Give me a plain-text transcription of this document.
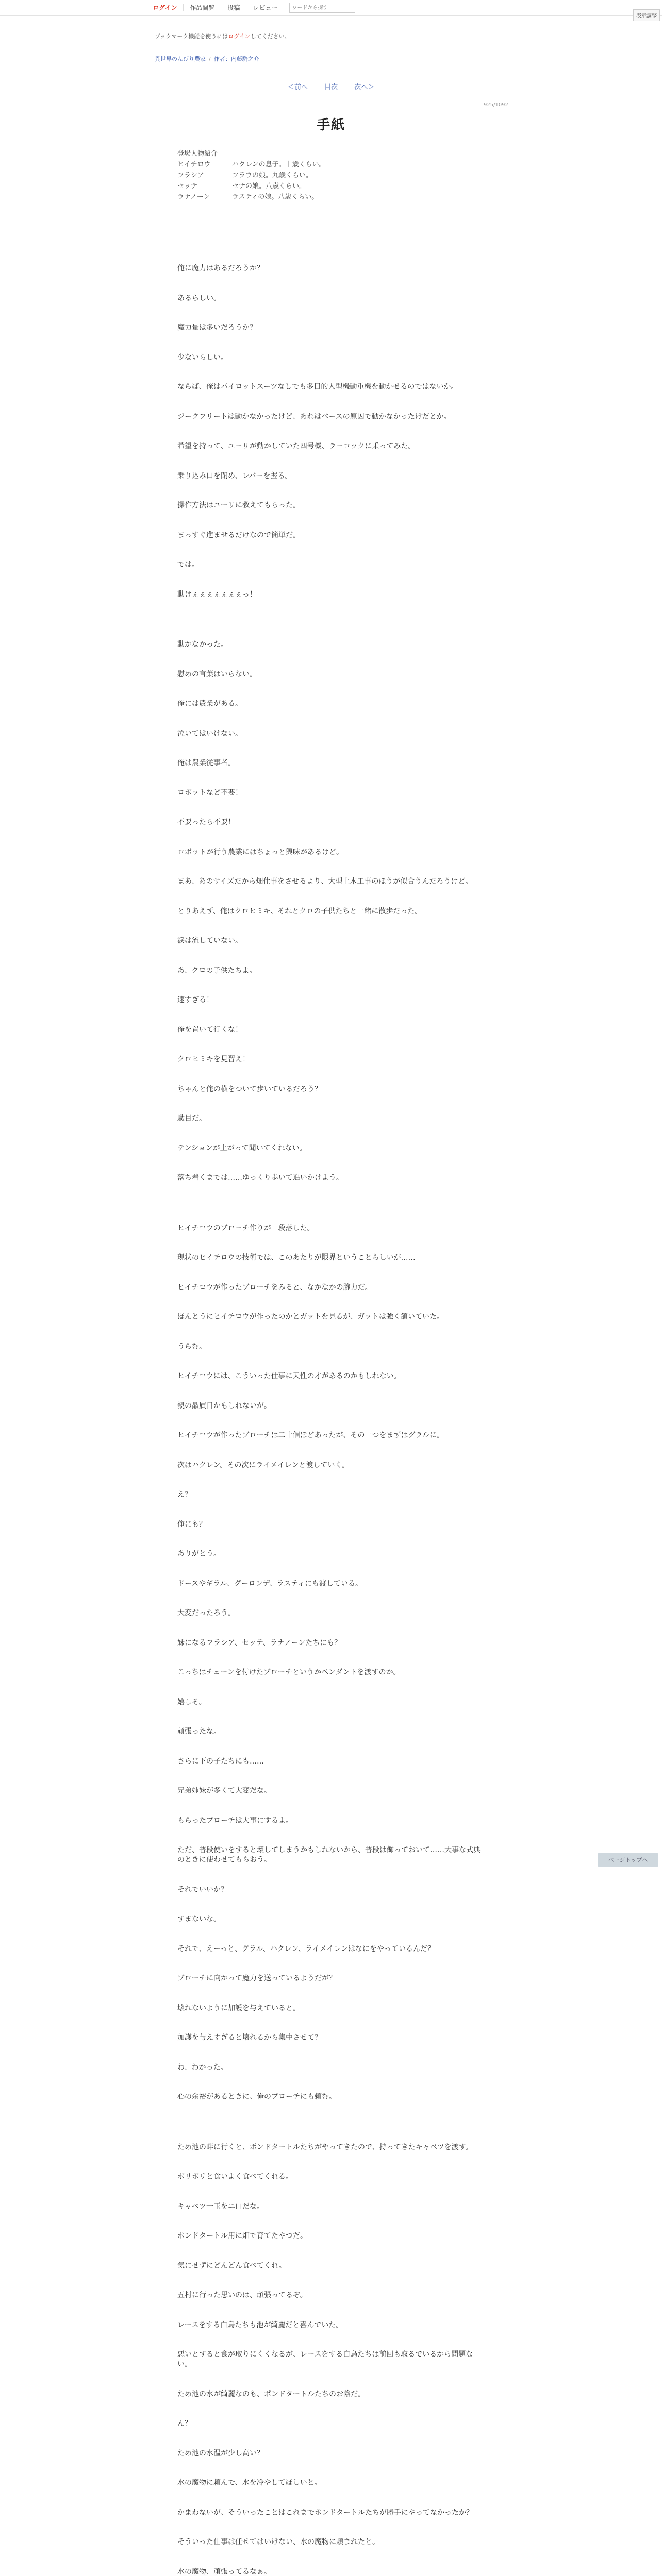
ログイン	作品閲覧	投稿	レビュー
ワードから探す
表示調整
ブックマーク機能を使うにはログインしてください。
異世界のんびり農家 / 作者：内藤騎之介
＜前へ 目次 次へ＞
925/1092
手紙
登場人物紹介
ヒイチロウ	ハクレンの息子。十歳くらい。
フラシア	フラウの娘。九歳くらい。
セッテ	セナの娘。八歳くらい。
ラナノーン	ラスティの娘。八歳くらい。

俺に魔力はあるだろうか？

あるらしい。

魔力量は多いだろうか？

少ないらしい。

ならば、俺はパイロットスーツなしでも多目的人型機動重機を動かせるのではないか。

ジークフリートは動かなかったけど、あれはベースの原因で動かなかったけだとか。

希望を持って、ユーリが動かしていた四号機、ラーロックに乗ってみた。

乗り込み口を閉め、レバーを握る。

操作方法はユーリに教えてもらった。

まっすぐ進ませるだけなので簡単だ。

では。

動けぇぇぇぇぇぇぇっ！

動かなかった。

慰めの言葉はいらない。

俺には農業がある。

泣いてはいけない。

俺は農業従事者。

ロボットなど不要！

不要ったら不要！

ロボットが行う農業にはちょっと興味があるけど。

まあ、あのサイズだから畑仕事をさせるより、大型土木工事のほうが似合うんだろうけど。

とりあえず、俺はクロヒミキ、それとクロの子供たちと一緒に散歩だった。

涙は流していない。

あ、クロの子供たちよ。

速すぎる！

俺を置いて行くな！

クロヒミキを見習え！

ちゃんと俺の横をついて歩いているだろう？

駄目だ。

テンションが上がって聞いてくれない。

落ち着くまでは……ゆっくり歩いて追いかけよう。

ヒイチロウのブローチ作りが一段落した。

現状のヒイチロウの技術では、このあたりが限界ということらしいが……

ヒイチロウが作ったブローチをみると、なかなかの腕力だ。

ほんとうにヒイチロウが作ったのかとガットを見るが、ガットは強く頷いていた。

うらむ。

ヒイチロウには、こういった仕事に天性の才があるのかもしれない。

親の贔屓目かもしれないが。

ヒイチロウが作ったブローチは二十個ほどあったが、その一つをまずはグラルに。

次はハクレン。その次にライメイレンと渡していく。

え？

俺にも？

ありがとう。

ドースやギラル、グーロンデ、ラスティにも渡している。

大変だったろう。

妹になるフラシア、セッテ、ラナノーンたちにも？

こっちはチェーンを付けたブローチというかペンダントを渡すのか。

嬉しそ。

頑張ったな。

さらに下の子たちにも……

兄弟姉妹が多くて大変だな。

もらったブローチは大事にするよ。

ただ、普段使いをすると壊してしまうかもしれないから、普段は飾っておいて……大事な式典のときに使わせてもらおう。

それでいいか？

すまないな。

それで、えーっと、グラル、ハクレン、ライメイレンはなにをやっているんだ？

ブローチに向かって魔力を送っているようだが？

壊れないように加護を与えていると。

加護を与えすぎると壊れるから集中させて？

わ、わかった。

心の余裕があるときに、俺のブローチにも頼む。

ため池の畔に行くと、ポンドタートルたちがやってきたので、持ってきたキャベツを渡す。

ボリボリと食いよく食べてくれる。

キャベツ一玉をニ口だな。

ポンドタートル用に畑で育てたやつだ。

気にせずにどんどん食べてくれ。

五村に行った思いのは、頑張ってるぞ。

レースをする白鳥たちも池が綺麗だと喜んでいた。

悪いとすると食が取りにくくなるが、レースをする白鳥たちは前回も取るでいるから問題ない。

ため池の水が綺麗なのも、ポンドタートルたちのお陰だ。

ん？

ため池の水温が少し高い？

水の魔物に頼んで、水を冷やしてほしいと。

かまわないが、そういったことはこれまでポンドタートルたちが勝手にやってなかったか？

そういった仕事は任せてはいけない、水の魔物に頼まれたと。

水の魔物、頑張ってるなぁ。

ページトップへ
